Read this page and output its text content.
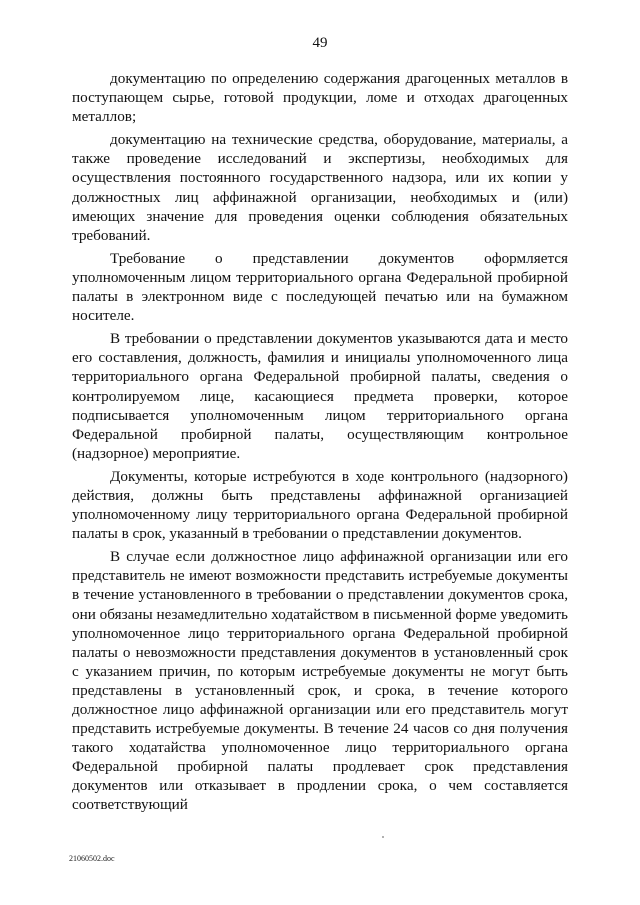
49

документацию по определению содержания драгоценных металлов в поступающем сырье, готовой продукции, ломе и отходах драгоценных металлов;

документацию на технические средства, оборудование, материалы, а также проведение исследований и экспертизы, необходимых для осуществления постоянного государственного надзора, или их копии у должностных лиц аффинажной организации, необходимых и (или) имеющих значение для проведения оценки соблюдения обязательных требований.

Требование о представлении документов оформляется уполномоченным лицом территориального органа Федеральной пробирной палаты в электронном виде с последующей печатью или на бумажном носителе.

В требовании о представлении документов указываются дата и место его составления, должность, фамилия и инициалы уполномоченного лица территориального органа Федеральной пробирной палаты, сведения о контролируемом лице, касающиеся предмета проверки, которое подписывается уполномоченным лицом территориального органа Федеральной пробирной палаты, осуществляющим контрольное (надзорное) мероприятие.

Документы, которые истребуются в ходе контрольного (надзорного) действия, должны быть представлены аффинажной организацией уполномоченному лицу территориального органа Федеральной пробирной палаты в срок, указанный в требовании о представлении документов.

В случае если должностное лицо аффинажной организации или его представитель не имеют возможности представить истребуемые документы в течение установленного в требовании о представлении документов срока, они обязаны незамедлительно ходатайством в письменной форме уведомить уполномоченное лицо территориального органа Федеральной пробирной палаты о невозможности представления документов в установленный срок с указанием причин, по которым истребуемые документы не могут быть представлены в установленный срок, и срока, в течение которого должностное лицо аффинажной организации или его представитель могут представить истребуемые документы. В течение 24 часов со дня получения такого ходатайства уполномоченное лицо территориального органа Федеральной пробирной палаты продлевает срок представления документов или отказывает в продлении срока, о чем составляется соответствующий

21060502.doc
